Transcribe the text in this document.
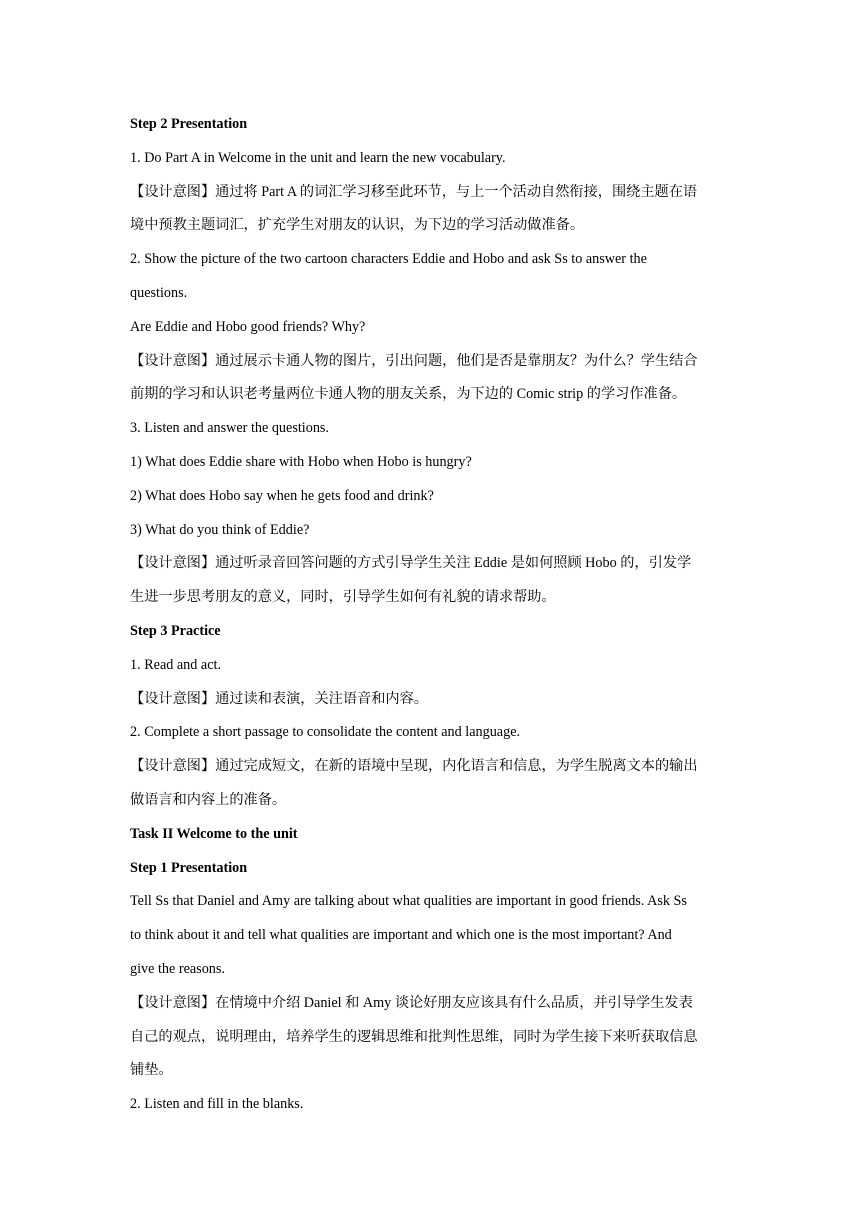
Step 2 Presentation

1. Do Part A in Welcome in the unit and learn the new vocabulary.

【设计意图】通过将 Part A 的词汇学习移至此环节，与上一个活动自然衔接，围绕主题在语

境中预教主题词汇，扩充学生对朋友的认识，为下边的学习活动做准备。

2. Show the picture of the two cartoon characters Eddie and Hobo and ask Ss to answer the

questions.

Are Eddie and Hobo good friends? Why?

【设计意图】通过展示卡通人物的图片，引出问题，他们是否是靠朋友？为什么？学生结合

前期的学习和认识老考量两位卡通人物的朋友关系，为下边的 Comic strip 的学习作准备。

3. Listen and answer the questions.

1) What does Eddie share with Hobo when Hobo is hungry?

2) What does Hobo say when he gets food and drink?

3) What do you think of Eddie?

【设计意图】通过听录音回答问题的方式引导学生关注 Eddie 是如何照顾 Hobo 的，引发学

生进一步思考朋友的意义，同时，引导学生如何有礼貌的请求帮助。

Step 3 Practice

1. Read and act.

【设计意图】通过读和表演，关注语音和内容。

2. Complete a short passage to consolidate the content and language.

【设计意图】通过完成短文，在新的语境中呈现，内化语言和信息，为学生脱离文本的输出

做语言和内容上的准备。

Task II Welcome to the unit

Step 1 Presentation

Tell Ss that Daniel and Amy are talking about what qualities are important in good friends. Ask Ss

to think about it and tell what qualities are important and which one is the most important? And

give the reasons.

【设计意图】在情境中介绍 Daniel 和 Amy 谈论好朋友应该具有什么品质，并引导学生发表

自己的观点，说明理由，培养学生的逻辑思维和批判性思维，同时为学生接下来听获取信息

铺垫。

2. Listen and fill in the blanks.
